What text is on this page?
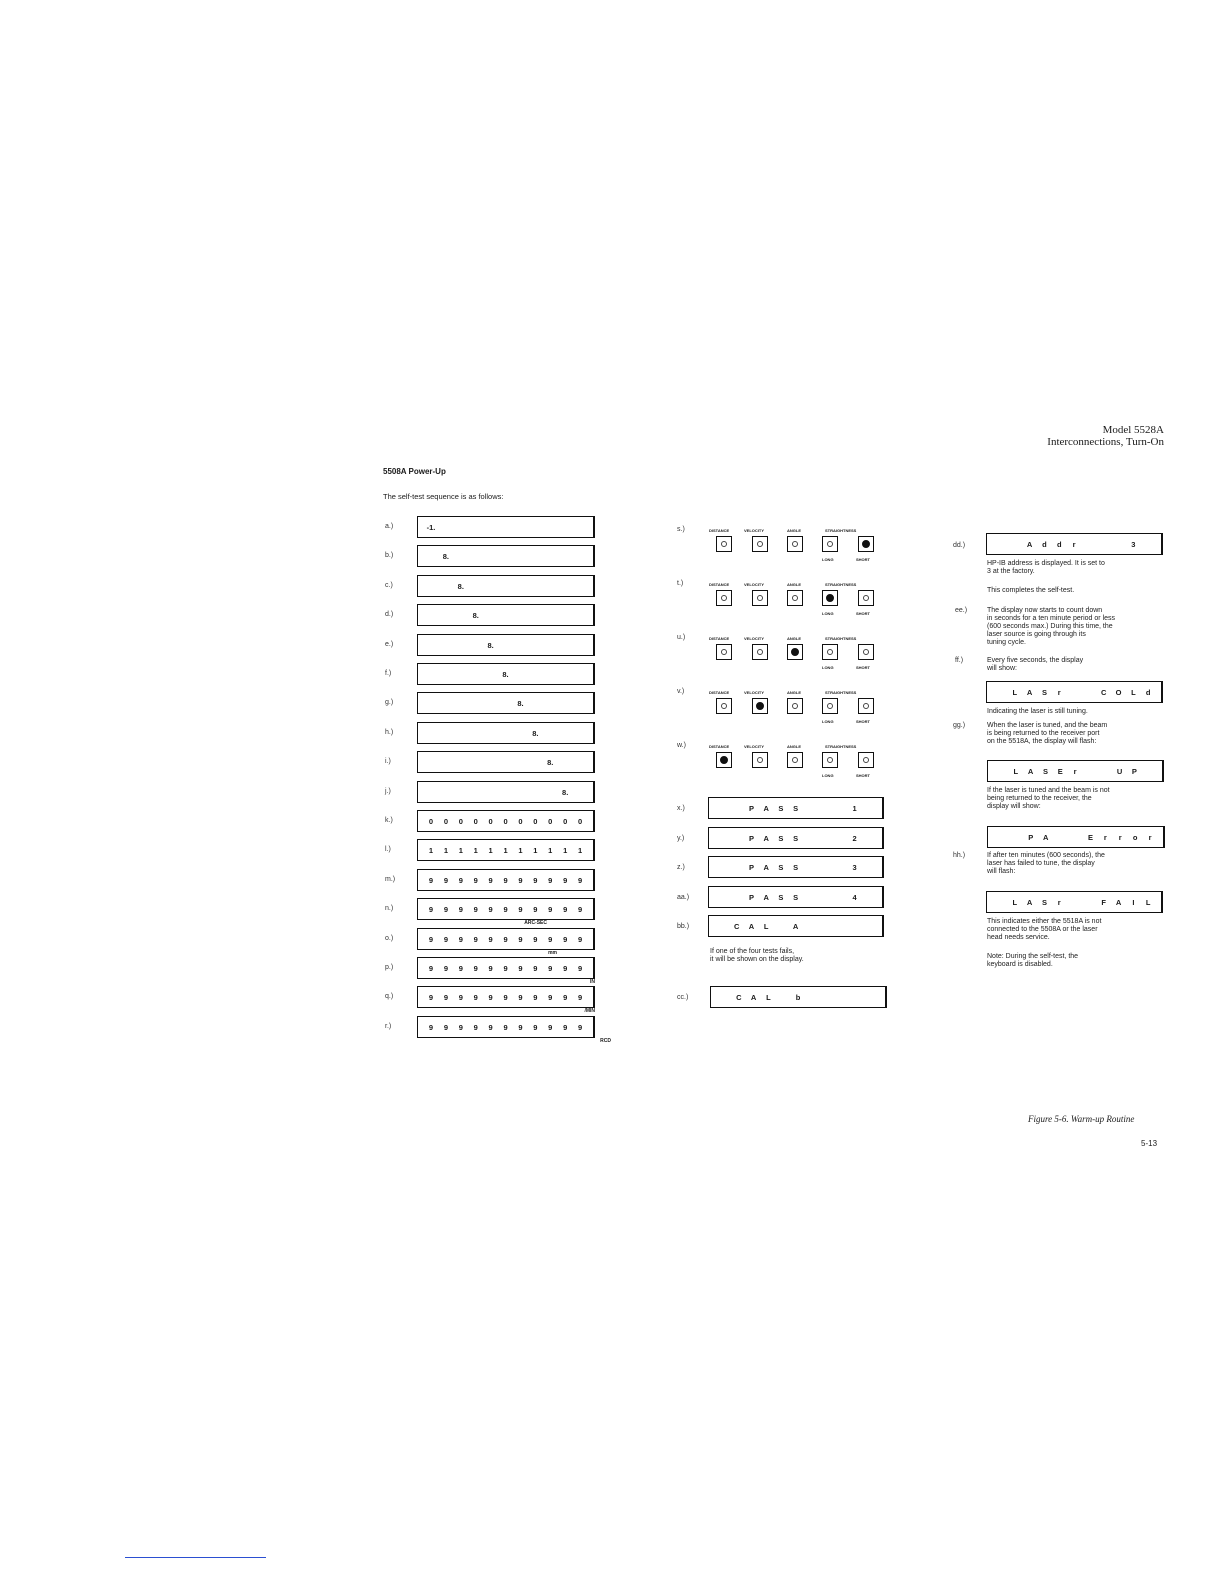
Model 5528A
Interconnections, Turn-On
5508A Power-Up
The self-test sequence is as follows:
a.)	-1.
b.)	8.
c.)	8.
d.)	8.
e.)	8.
f.)	8.
g.)	8.
h.)	8.
i.)	8.
j.)	8.
k.)	0	0	0	0	0	0	0	0	0	0	0
l.)	1	1	1	1	1	1	1	1	1	1	1
m.)	9	9	9	9	9	9	9	9	9	9	9
n.)	9	9	9	9	9	9	9	9	9	9	9
ARC-SEC
o.)	9	9	9	9	9	9	9	9	9	9	9
mm
p.)	9	9	9	9	9	9	9	9	9	9	9
IN
q.)	9	9	9	9	9	9	9	9	9	9	9
/MIN
r.)	9	9	9	9	9	9	9	9	9	9	9
RCD
s.)	DISTANCE	VELOCITY	ANGLE	STRAIGHTNESS
LONG	SHORT
t.)	DISTANCE	VELOCITY	ANGLE	STRAIGHTNESS
LONG	SHORT
u.)	DISTANCE	VELOCITY	ANGLE	STRAIGHTNESS
LONG	SHORT
v.)	DISTANCE	VELOCITY	ANGLE	STRAIGHTNESS
LONG	SHORT
w.)	DISTANCE	VELOCITY	ANGLE	STRAIGHTNESS
LONG	SHORT
x.)	P	A	S	S	1
y.)	P	A	S	S	2
z.)	P	A	S	S	3
aa.)	P	A	S	S	4
bb.)	C	A	L	A
If one of the four tests fails,
it will be shown on the display.
cc.)	C	A	L	b
dd.)	A	d	d	r	3
HP-IB address is displayed. It is set to
3 at the factory.
This completes the self-test.
ee.)	The display now starts to count down
in seconds for a ten minute period or less
(600 seconds max.) During this time, the
laser source is going through its
tuning cycle.
ff.)	Every five seconds, the display
will show:
L	A	S	r	C	O	L	d
Indicating the laser is still tuning.
gg.)	When the laser is tuned, and the beam
is being returned to the receiver port
on the 5518A, the display will flash:
L	A	S	E	r	U	P
If the laser is tuned and the beam is not
being returned to the receiver, the
display will show:
P	A	E	r	r	o	r
hh.)	If after ten minutes (600 seconds), the
laser has failed to tune, the display
will flash:
L	A	S	r	F	A	I	L
This indicates either the 5518A is not
connected to the 5508A or the laser
head needs service.
Note: During the self-test, the
keyboard is disabled.
Figure 5-6. Warm-up Routine
5-13
